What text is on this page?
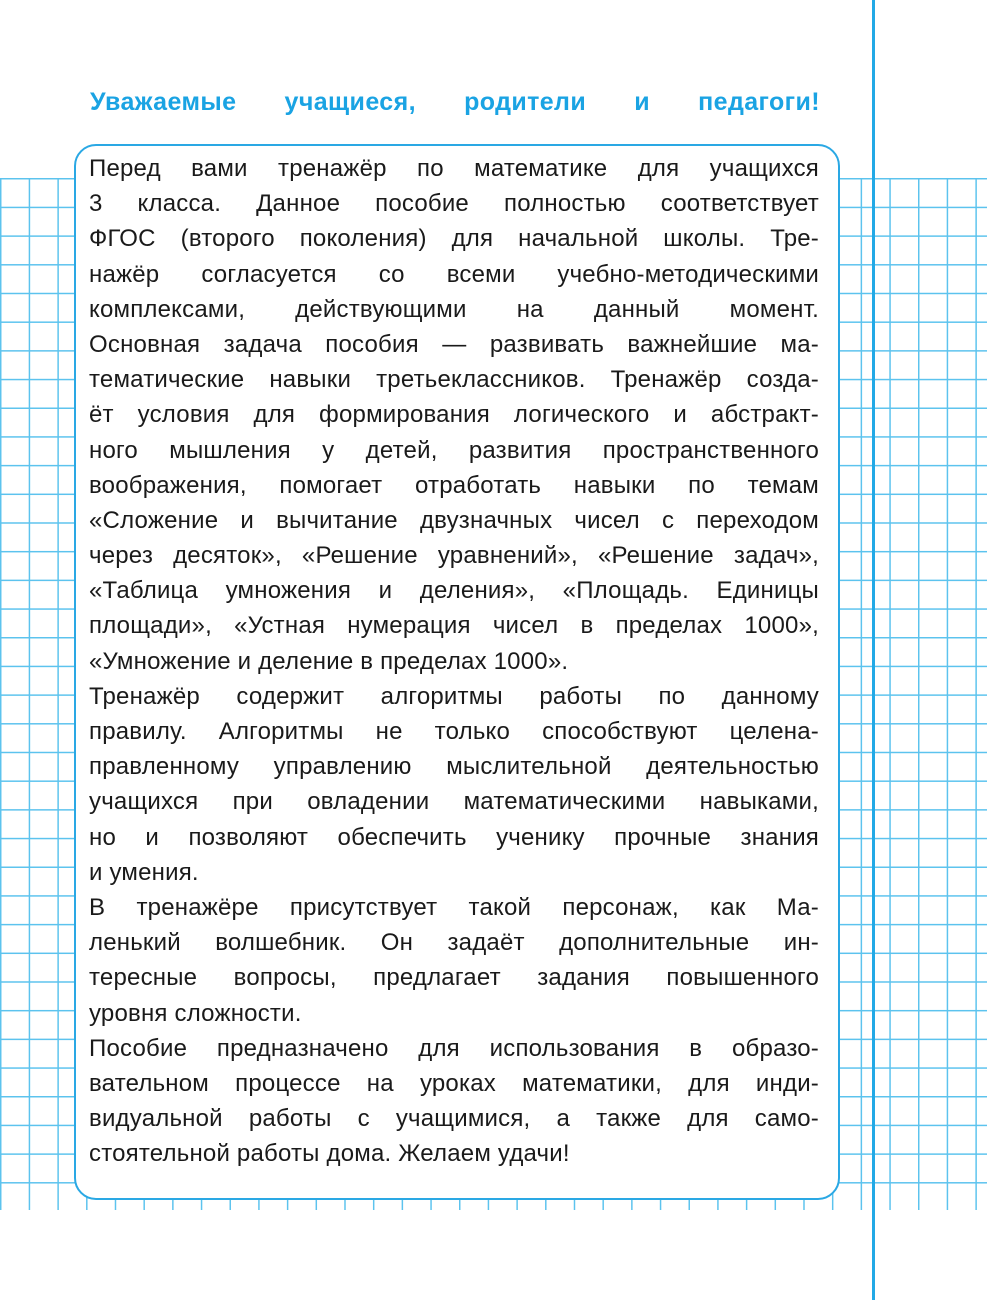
Уважаемые учащиеся, родители и педагоги!
Перед вами тренажёр по математике для учащихся
3 класса. Данное пособие полностью соответствует
ФГОС (второго поколения) для начальной школы. Тре-
нажёр согласуется со всеми учебно-методическими
комплексами, действующими на данный момент.
Основная задача пособия — развивать важнейшие ма-
тематические навыки третьеклассников. Тренажёр созда-
ёт условия для формирования логического и абстракт-
ного мышления у детей, развития пространственного
воображения, помогает отработать навыки по темам
«Сложение и вычитание двузначных чисел с переходом
через десяток», «Решение уравнений», «Решение задач»,
«Таблица умножения и деления», «Площадь. Единицы
площади», «Устная нумерация чисел в пределах 1000»,
«Умножение и деление в пределах 1000».
Тренажёр содержит алгоритмы работы по данному
правилу. Алгоритмы не только способствуют целена-
правленному управлению мыслительной деятельностью
учащихся при овладении математическими навыками,
но и позволяют обеспечить ученику прочные знания
и умения.
В тренажёре присутствует такой персонаж, как Ма-
ленький волшебник. Он задаёт дополнительные ин-
тересные вопросы, предлагает задания повышенного
уровня сложности.
Пособие предназначено для использования в образо-
вательном процессе на уроках математики, для инди-
видуальной работы с учащимися, а также для само-
стоятельной работы дома. Желаем удачи!
